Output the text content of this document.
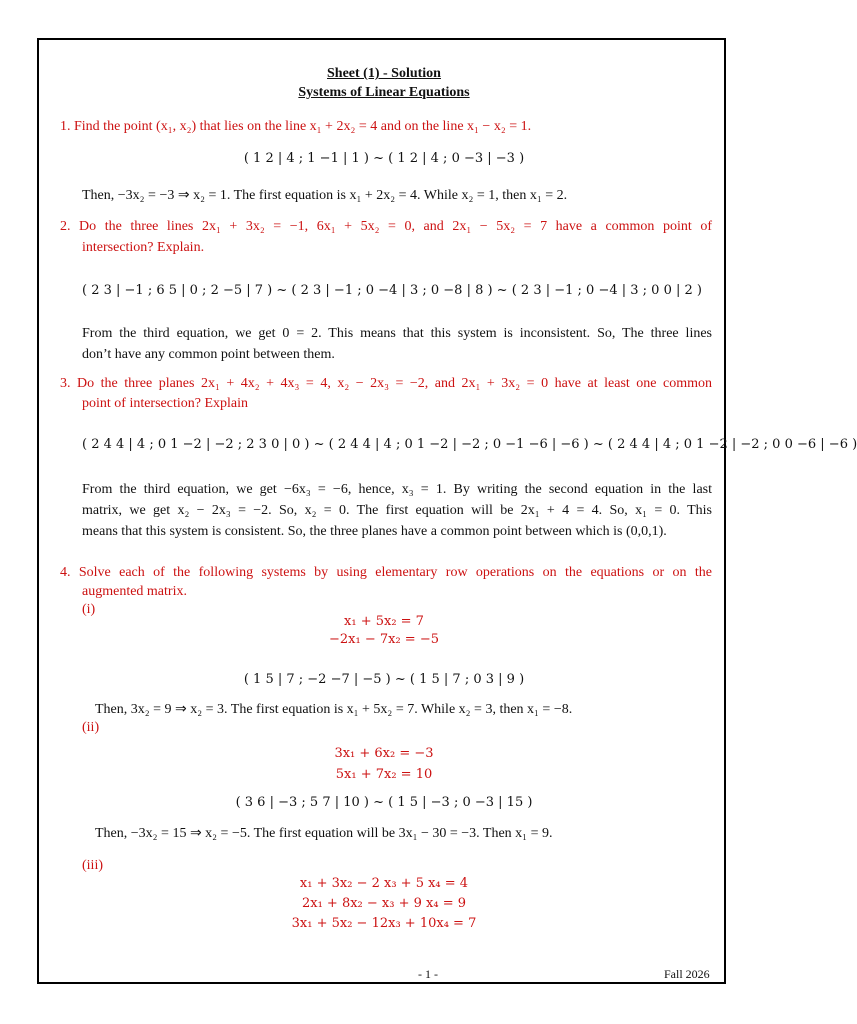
Sheet (1) - Solution
Systems of Linear Equations
1. Find the point (x₁, x₂) that lies on the line x₁ + 2x₂ = 4 and on the line x₁ − x₂ = 1.
( 1 2 | 4 ; 1 −1 | 1 ) ~ ( 1 2 | 4 ; 0 −3 | −3 )
Then, −3x₂ = −3 ⇒ x₂ = 1. The first equation is x₁ + 2x₂ = 4. While x₂ = 1, then x₁ = 2.
2. Do the three lines 2x₁ + 3x₂ = −1, 6x₁ + 5x₂ = 0, and 2x₁ − 5x₂ = 7 have a common point of
intersection? Explain.
( 2 3 | −1 ; 6 5 | 0 ; 2 −5 | 7 ) ~ ( 2 3 | −1 ; 0 −4 | 3 ; 0 −8 | 8 ) ~ ( 2 3 | −1 ; 0 −4 | 3 ; 0 0 | 2 )
From the third equation, we get 0 = 2. This means that this system is inconsistent. So, The three lines
don’t have any common point between them.
3. Do the three planes 2x₁ + 4x₂ + 4x₃ = 4, x₂ − 2x₃ = −2, and 2x₁ + 3x₂ = 0 have at least one common
point of intersection? Explain
( 2 4 4 | 4 ; 0 1 −2 | −2 ; 2 3 0 | 0 ) ~ ( 2 4 4 | 4 ; 0 1 −2 | −2 ; 0 −1 −6 | −6 ) ~ ( 2 4 4 | 4 ; 0 1 −2 | −2 ; 0 0 −6 | −6 )
From the third equation, we get −6x₃ = −6, hence, x₃ = 1. By writing the second equation in the last
matrix, we get x₂ − 2x₃ = −2. So, x₂ = 0. The first equation will be 2x₁ + 4 = 4. So, x₁ = 0. This
means that this system is consistent. So, the three planes have a common point between which is (0,0,1).
4. Solve each of the following systems by using elementary row operations on the equations or on the
augmented matrix.
(i)
x₁ + 5x₂ = 7
−2x₁ − 7x₂ = −5
( 1 5 | 7 ; −2 −7 | −5 ) ~ ( 1 5 | 7 ; 0 3 | 9 )
Then, 3x₂ = 9 ⇒ x₂ = 3. The first equation is x₁ + 5x₂ = 7. While x₂ = 3, then x₁ = −8.
(ii)
3x₁ + 6x₂ = −3
5x₁ + 7x₂ = 10
( 3 6 | −3 ; 5 7 | 10 ) ~ ( 1 5 | −3 ; 0 −3 | 15 )
Then, −3x₂ = 15 ⇒ x₂ = −5. The first equation will be 3x₁ − 30 = −3. Then x₁ = 9.
(iii)
x₁ + 3x₂ − 2 x₃ + 5 x₄ = 4
2x₁ + 8x₂ − x₃ + 9 x₄ = 9
3x₁ + 5x₂ − 12x₃ + 10x₄ = 7
- 1 -	Fall 2026
